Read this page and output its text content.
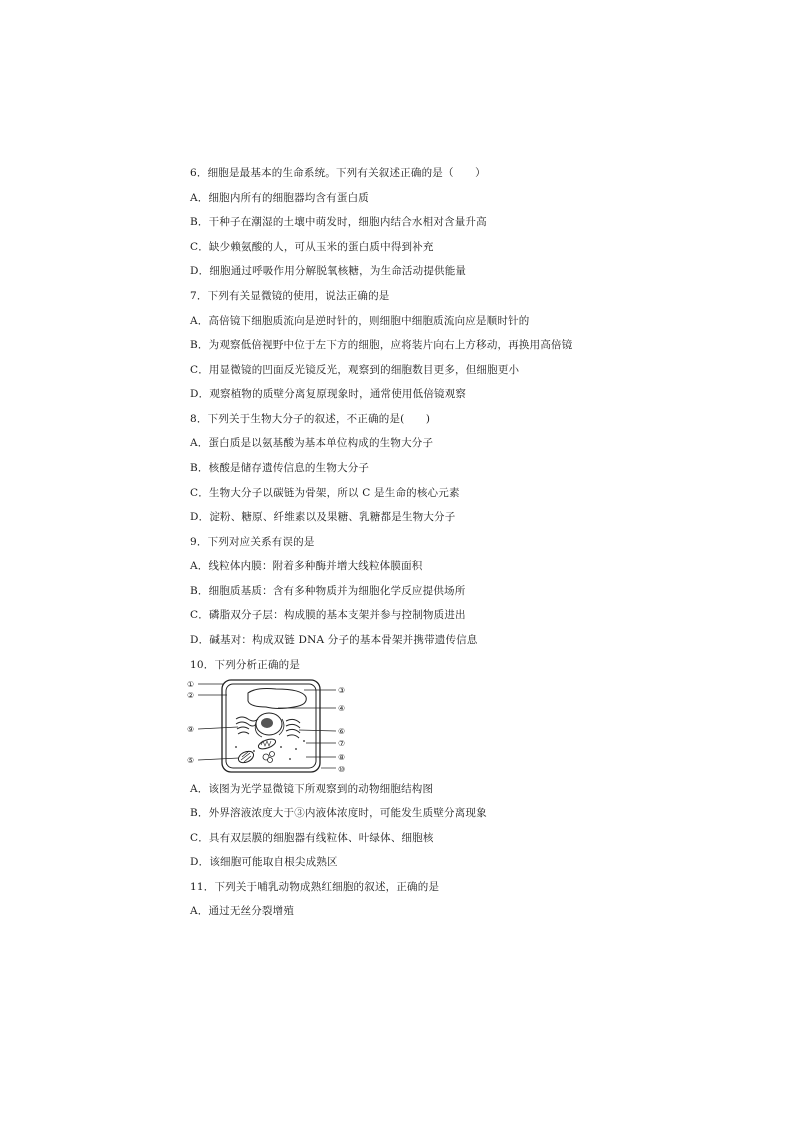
6．细胞是最基本的生命系统。下列有关叙述正确的是（　　）
A．细胞内所有的细胞器均含有蛋白质
B．干种子在潮湿的土壤中萌发时，细胞内结合水相对含量升高
C．缺少赖氨酸的人，可从玉米的蛋白质中得到补充
D．细胞通过呼吸作用分解脱氧核糖，为生命活动提供能量
7．下列有关显微镜的使用，说法正确的是
A．高倍镜下细胞质流向是逆时针的，则细胞中细胞质流向应是顺时针的
B．为观察低倍视野中位于左下方的细胞，应将装片向右上方移动，再换用高倍镜
C．用显微镜的凹面反光镜反光，观察到的细胞数目更多，但细胞更小
D．观察植物的质壁分离复原现象时，通常使用低倍镜观察
8．下列关于生物大分子的叙述，不正确的是(　　)
A．蛋白质是以氨基酸为基本单位构成的生物大分子
B．核酸是储存遗传信息的生物大分子
C．生物大分子以碳链为骨架，所以 C 是生命的核心元素
D．淀粉、糖原、纤维素以及果糖、乳糖都是生物大分子
9．下列对应关系有误的是
A．线粒体内膜：附着多种酶并增大线粒体膜面积
B．细胞质基质：含有多种物质并为细胞化学反应提供场所
C．磷脂双分子层：构成膜的基本支架并参与控制物质进出
D．碱基对：构成双链 DNA 分子的基本骨架并携带遗传信息
10．下列分析正确的是
①
②
⑨
⑤
③
④
⑥
⑦
⑧
⑩
A．该图为光学显微镜下所观察到的动物细胞结构图
B．外界溶液浓度大于③内液体浓度时，可能发生质壁分离现象
C．具有双层膜的细胞器有线粒体、叶绿体、细胞核
D．该细胞可能取自根尖成熟区
11．下列关于哺乳动物成熟红细胞的叙述，正确的是
A．通过无丝分裂增殖
